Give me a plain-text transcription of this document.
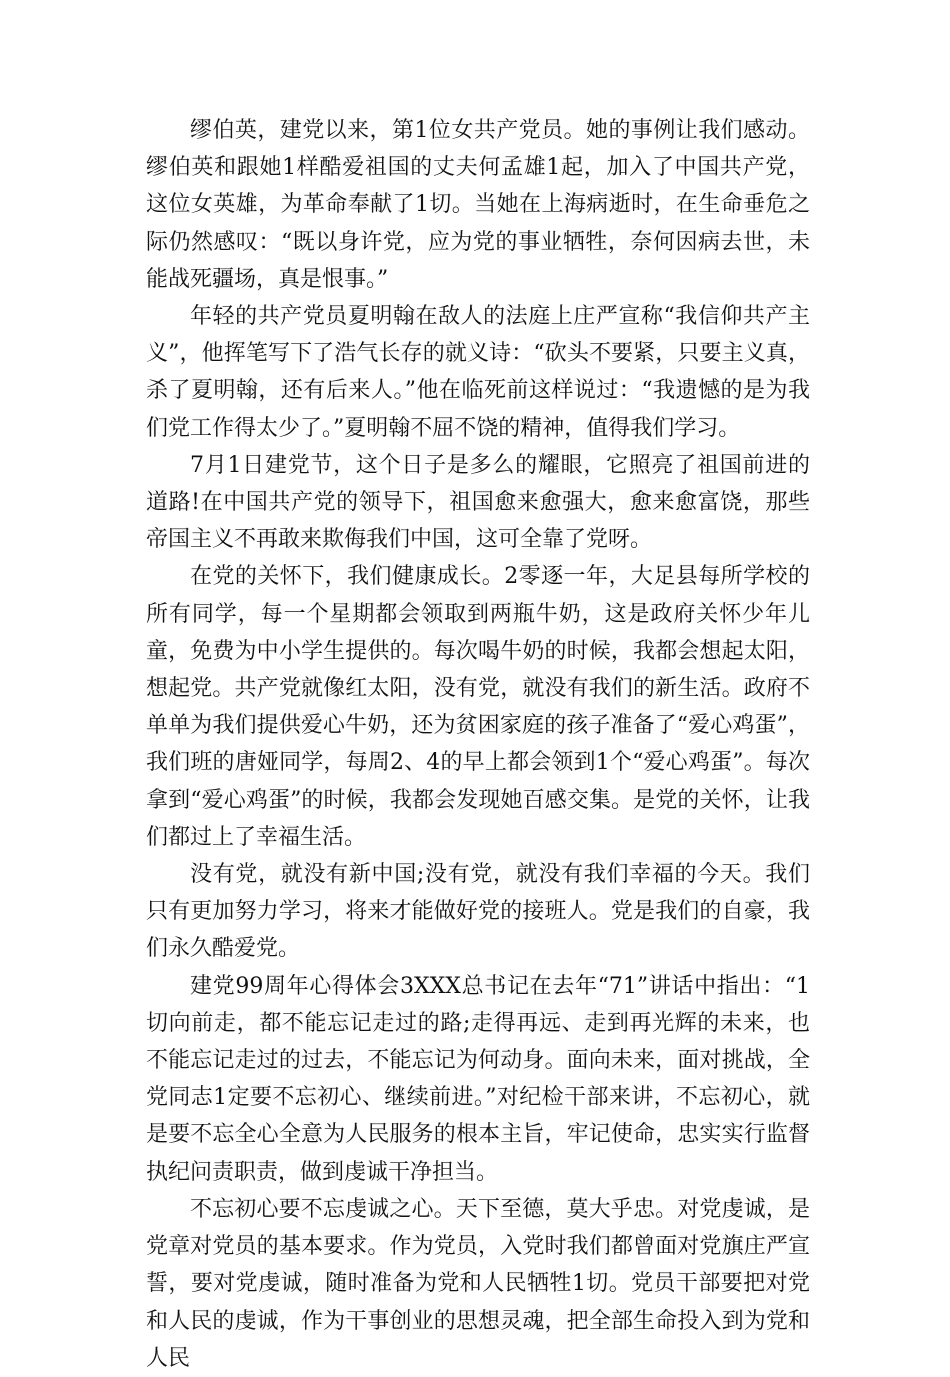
缪伯英，建党以来，第1位女共产党员。她的事例让我们感动。缪伯英和跟她1样酷爱祖国的丈夫何孟雄1起，加入了中国共产党，这位女英雄，为革命奉献了1切。当她在上海病逝时，在生命垂危之际仍然感叹：“既以身许党，应为党的事业牺牲，奈何因病去世，未能战死疆场，真是恨事。”

年轻的共产党员夏明翰在敌人的法庭上庄严宣称“我信仰共产主义”，他挥笔写下了浩气长存的就义诗：“砍头不要紧，只要主义真，杀了夏明翰，还有后来人。”他在临死前这样说过：“我遗憾的是为我们党工作得太少了。”夏明翰不屈不饶的精神，值得我们学习。

7月1日建党节，这个日子是多么的耀眼，它照亮了祖国前进的道路!在中国共产党的领导下，祖国愈来愈强大，愈来愈富饶，那些帝国主义不再敢来欺侮我们中国，这可全靠了党呀。

在党的关怀下，我们健康成长。2零逐一年，大足县每所学校的所有同学，每一个星期都会领取到两瓶牛奶，这是政府关怀少年儿童，免费为中小学生提供的。每次喝牛奶的时候，我都会想起太阳，想起党。共产党就像红太阳，没有党，就没有我们的新生活。政府不单单为我们提供爱心牛奶，还为贫困家庭的孩子准备了“爱心鸡蛋”，我们班的唐娅同学，每周2、4的早上都会领到1个“爱心鸡蛋”。每次拿到“爱心鸡蛋”的时候，我都会发现她百感交集。是党的关怀，让我们都过上了幸福生活。

没有党，就没有新中国;没有党，就没有我们幸福的今天。我们只有更加努力学习，将来才能做好党的接班人。党是我们的自豪，我们永久酷爱党。

建党99周年心得体会3XXX总书记在去年“71”讲话中指出：“1切向前走，都不能忘记走过的路;走得再远、走到再光辉的未来，也不能忘记走过的过去，不能忘记为何动身。面向未来，面对挑战，全党同志1定要不忘初心、继续前进。”对纪检干部来讲，不忘初心，就是要不忘全心全意为人民服务的根本主旨，牢记使命，忠实实行监督执纪问责职责，做到虔诚干净担当。

不忘初心要不忘虔诚之心。天下至德，莫大乎忠。对党虔诚，是党章对党员的基本要求。作为党员，入党时我们都曾面对党旗庄严宣誓，要对党虔诚，随时准备为党和人民牺牲1切。党员干部要把对党和人民的虔诚，作为干事创业的思想灵魂，把全部生命投入到为党和人民
